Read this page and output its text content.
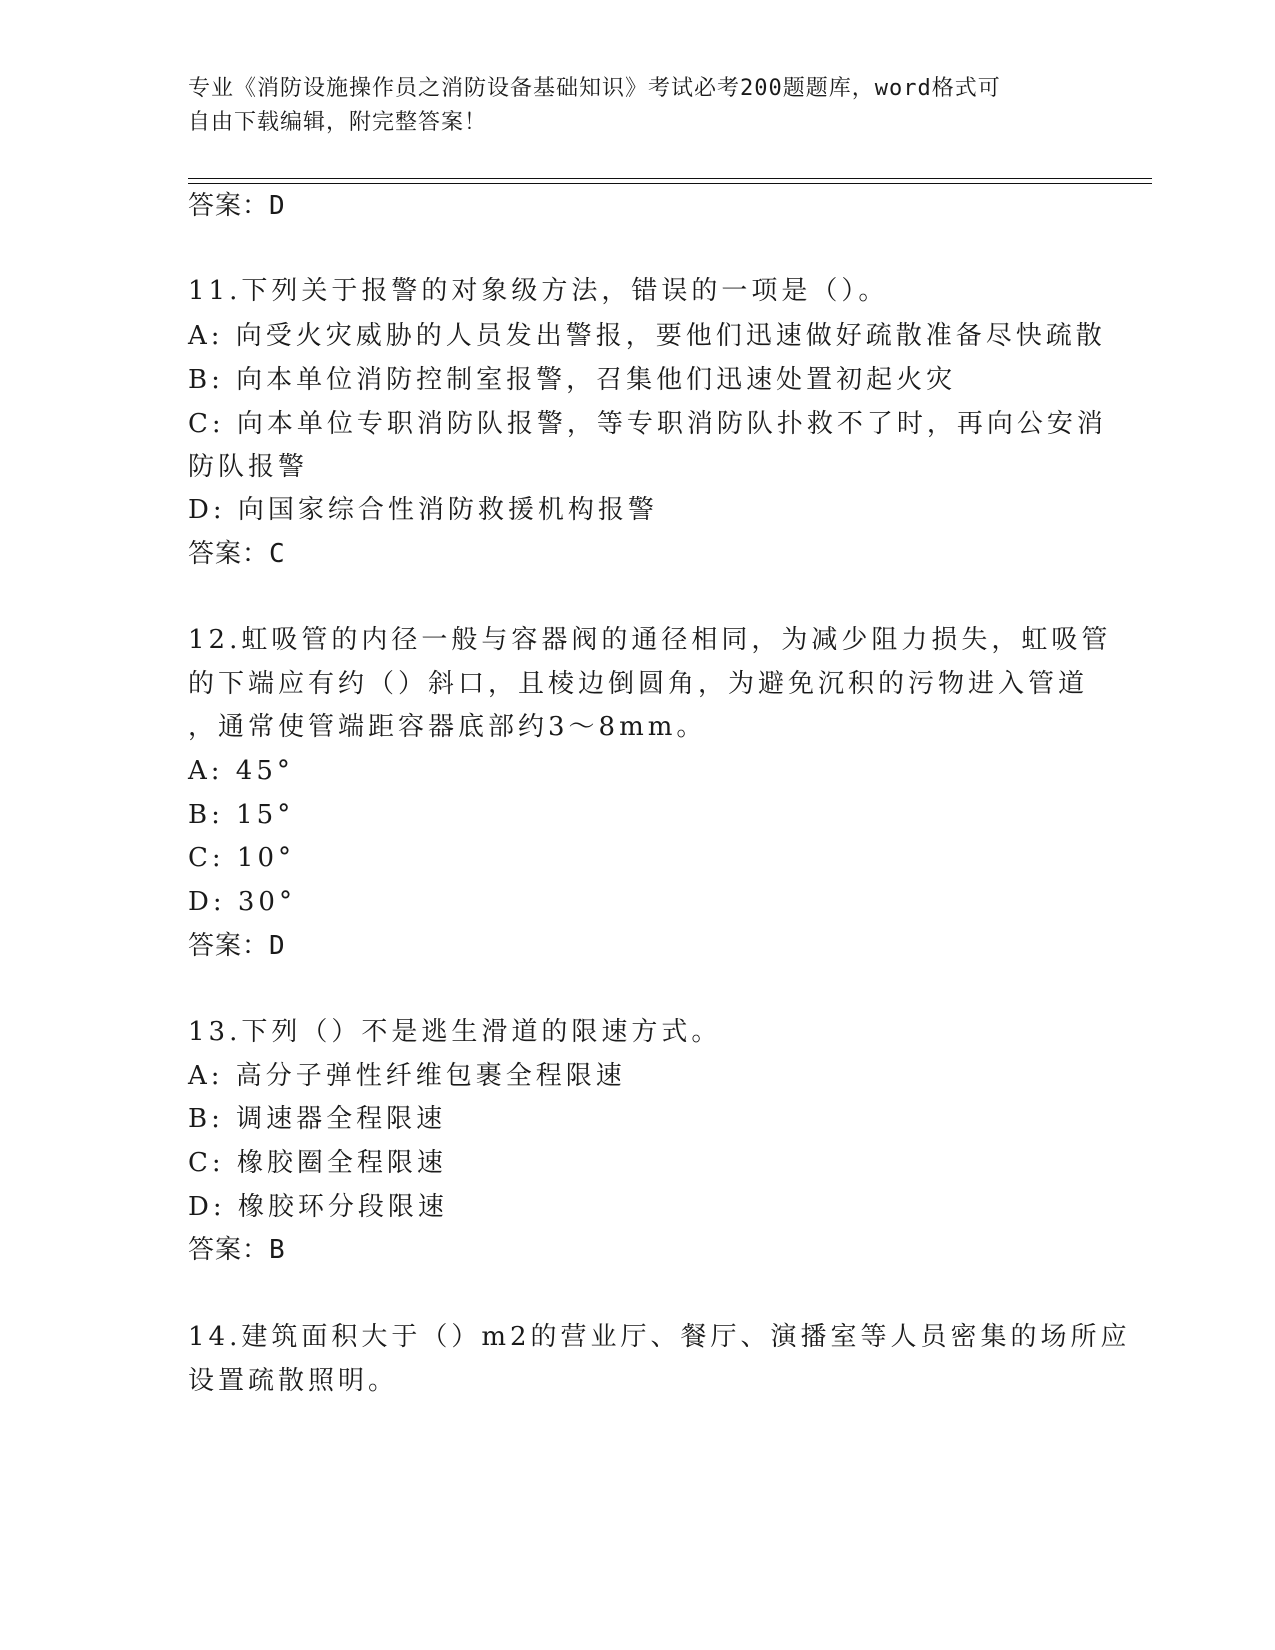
专业《消防设施操作员之消防设备基础知识》考试必考200题题库，word格式可
自由下载编辑，附完整答案！
答案：D
11.下列关于报警的对象级方法，错误的一项是（）。
A: 向受火灾威胁的人员发出警报，要他们迅速做好疏散准备尽快疏散
B: 向本单位消防控制室报警，召集他们迅速处置初起火灾
C: 向本单位专职消防队报警，等专职消防队扑救不了时，再向公安消
防队报警
D: 向国家综合性消防救援机构报警
答案：C
12.虹吸管的内径一般与容器阀的通径相同，为减少阻力损失，虹吸管
的下端应有约（）斜口，且棱边倒圆角，为避免沉积的污物进入管道
，通常使管端距容器底部约3～8mm。
A: 45°
B: 15°
C: 10°
D: 30°
答案：D
13.下列（）不是逃生滑道的限速方式。
A: 高分子弹性纤维包裹全程限速
B: 调速器全程限速
C: 橡胶圈全程限速
D: 橡胶环分段限速
答案：B
14.建筑面积大于（）m2的营业厅、餐厅、演播室等人员密集的场所应
设置疏散照明。
